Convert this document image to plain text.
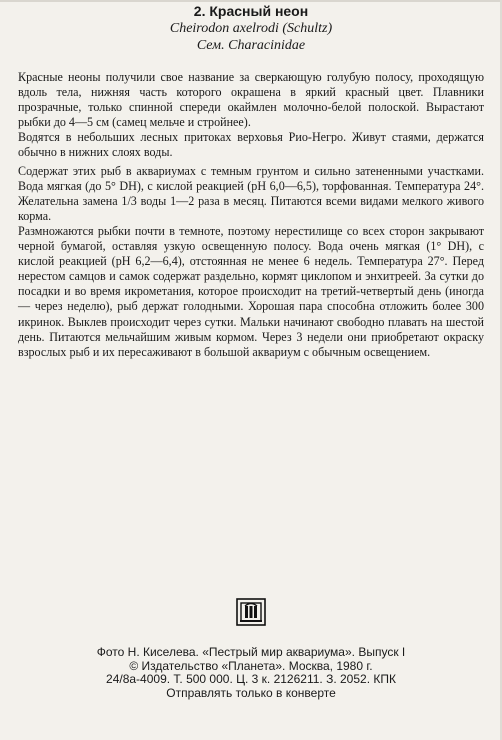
2. Красный неон

Cheirodon axelrodi (Schultz)

Сем. Characinidae

Красные неоны получили свое название за сверкающую голубую полосу, проходящую вдоль тела, нижняя часть которого окрашена в яркий красный цвет. Плавники прозрачные, только спинной спереди окаймлен молочно-белой полоской. Вырастают рыбки до 4—5 см (самец мельче и стройнее).

Водятся в небольших лесных притоках верховья Рио-Негро. Живут стаями, держатся обычно в нижних слоях воды.

Содержат этих рыб в аквариумах с темным грунтом и сильно затененными участками. Вода мягкая (до 5° DH), с кислой реакцией (pH 6,0—6,5), торфованная. Температура 24°. Желательна замена 1/3 воды 1—2 раза в месяц. Питаются всеми видами мелкого живого корма.

Размножаются рыбки почти в темноте, поэтому нерестилище со всех сторон закрывают черной бумагой, оставляя узкую освещенную полосу. Вода очень мягкая (1° DH), с кислой реакцией (pH 6,2—6,4), отстоянная не менее 6 недель. Температура 27°. Перед нерестом самцов и самок содержат раздельно, кормят циклопом и энхитреей. За сутки до посадки и во время икрометания, которое происходит на третий-четвертый день (иногда — через неделю), рыб держат голодными. Хорошая пара способна отложить более 300 икринок. Выклев происходит через сутки. Мальки начинают свободно плавать на шестой день. Питаются мельчайшим живым кормом. Через 3 недели они приобретают окраску взрослых рыб и их пересаживают в большой аквариум с обычным освещением.

Фото Н. Киселева. «Пестрый мир аквариума». Выпуск I

© Издательство «Планета». Москва, 1980 г.

24/8а-4009. Т. 500 000. Ц. 3 к. 2126211. З. 2052. КПК

Отправлять только в конверте
